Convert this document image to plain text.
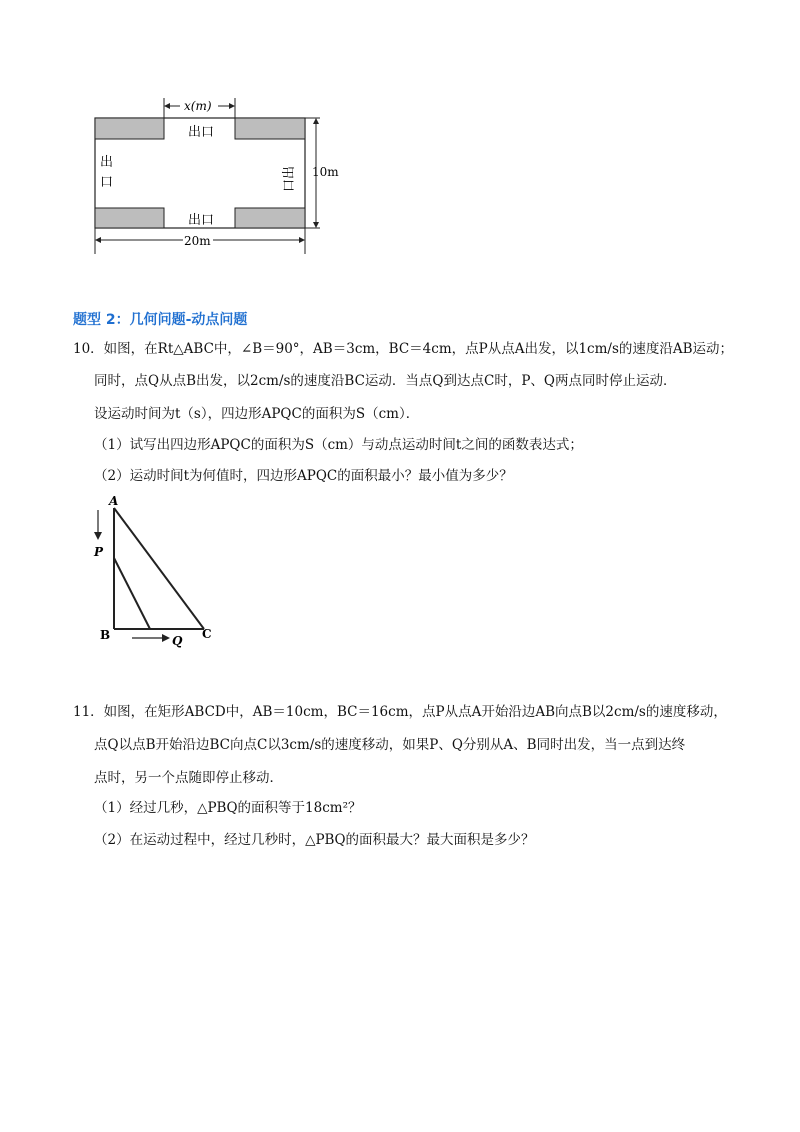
x(m)
10m
20m
出口
出口
出
口	口出
题型 2：几何问题-动点问题
10．如图，在Rt△ABC中，∠B＝90°，AB＝3cm，BC＝4cm，点P从点A出发，以1cm/s的速度沿AB运动；
同时，点Q从点B出发，以2cm/s的速度沿BC运动．当点Q到达点C时，P、Q两点同时停止运动．
设运动时间为t（s），四边形APQC的面积为S（cm）．
（1）试写出四边形APQC的面积为S（cm）与动点运动时间t之间的函数表达式；
（2）运动时间t为何值时，四边形APQC的面积最小？最小值为多少？
A
P
B	Q C
11．如图，在矩形ABCD中，AB＝10cm，BC＝16cm，点P从点A开始沿边AB向点B以2cm/s的速度移动，
点Q以点B开始沿边BC向点C以3cm/s的速度移动，如果P、Q分别从A、B同时出发，当一点到达终
点时，另一个点随即停止移动．
（1）经过几秒，△PBQ的面积等于18cm²？
（2）在运动过程中，经过几秒时，△PBQ的面积最大？最大面积是多少？
